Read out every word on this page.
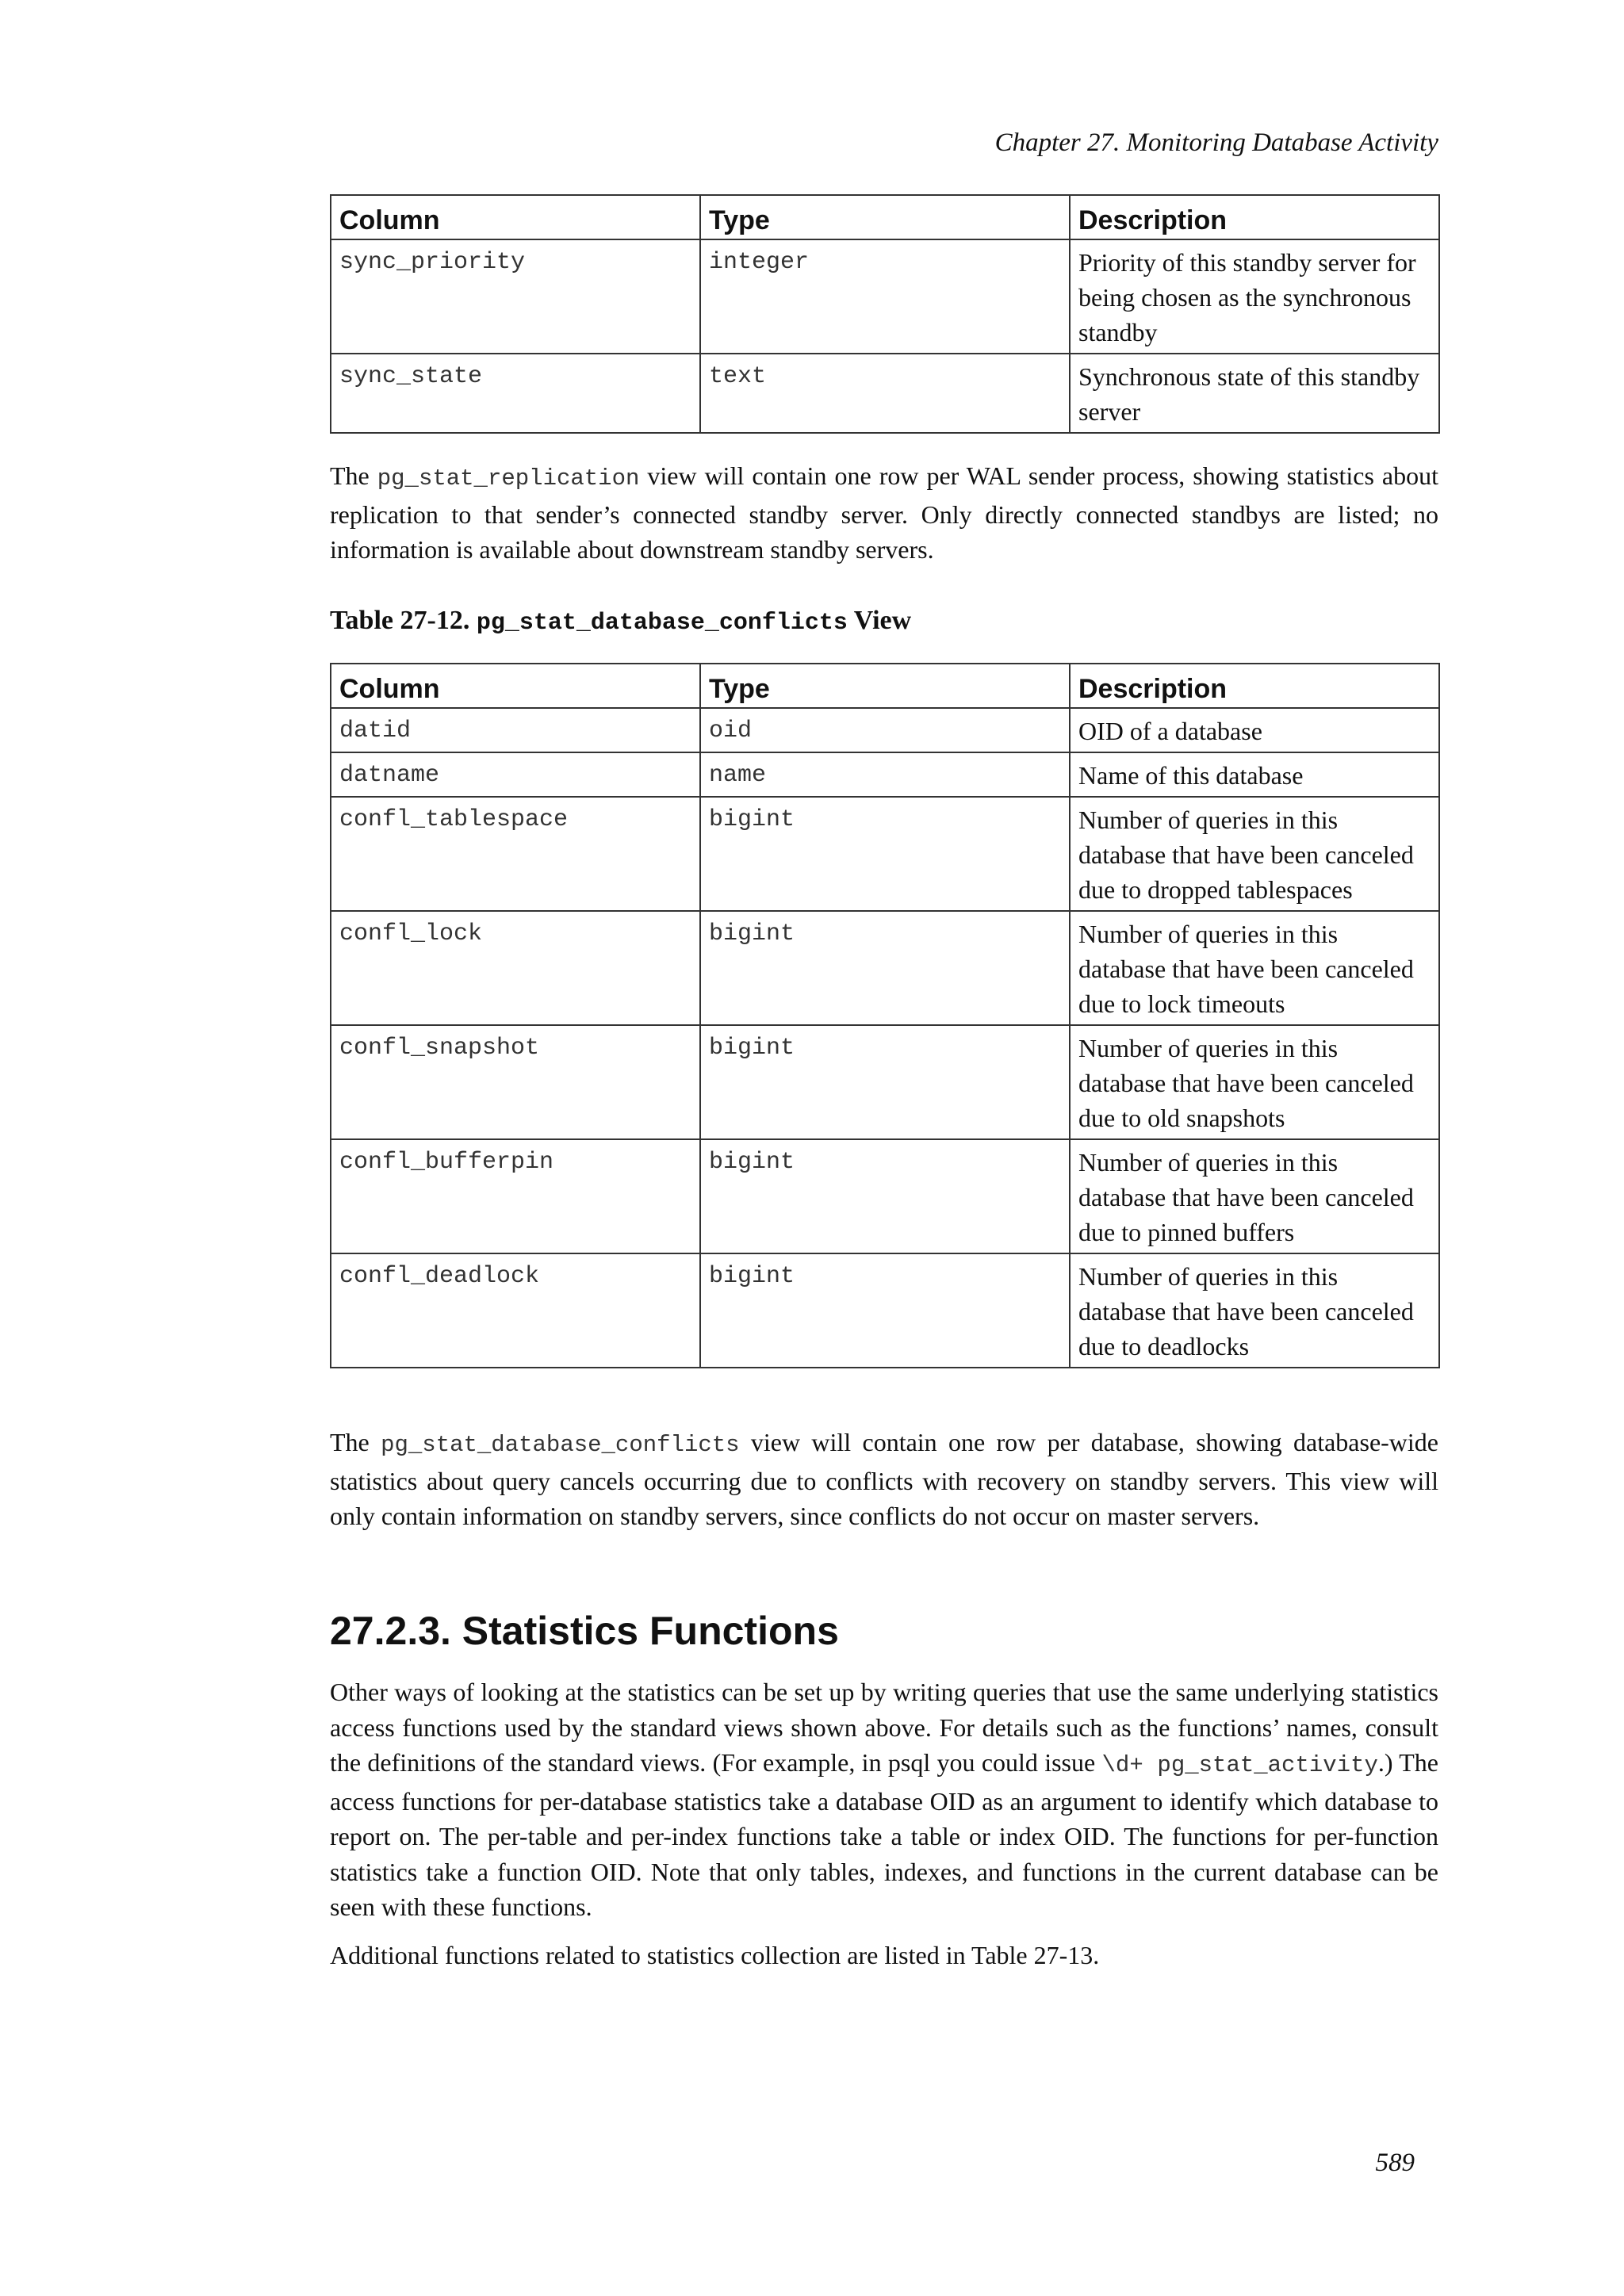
Chapter 27. Monitoring Database Activity
Column	Type	Description
sync_priority	integer	Priority of this standby server for being chosen as the synchronous standby
sync_state	text	Synchronous state of this standby server

The pg_stat_replication view will contain one row per WAL sender process, showing statistics about replication to that sender’s connected standby server. Only directly connected standbys are listed; no information is available about downstream standby servers.

Table 27-12. pg_stat_database_conflicts View
Column	Type	Description
datid	oid	OID of a database
datname	name	Name of this database
confl_tablespace	bigint	Number of queries in this database that have been canceled due to dropped tablespaces
confl_lock	bigint	Number of queries in this database that have been canceled due to lock timeouts
confl_snapshot	bigint	Number of queries in this database that have been canceled due to old snapshots
confl_bufferpin	bigint	Number of queries in this database that have been canceled due to pinned buffers
confl_deadlock	bigint	Number of queries in this database that have been canceled due to deadlocks

The pg_stat_database_conflicts view will contain one row per database, showing database-wide statistics about query cancels occurring due to conflicts with recovery on standby servers. This view will only contain information on standby servers, since conflicts do not occur on master servers.

27.2.3. Statistics Functions

Other ways of looking at the statistics can be set up by writing queries that use the same underlying statistics access functions used by the standard views shown above. For details such as the functions’ names, consult the definitions of the standard views. (For example, in psql you could issue \d+ pg_stat_activity.) The access functions for per-database statistics take a database OID as an argument to identify which database to report on. The per-table and per-index functions take a table or index OID. The functions for per-function statistics take a function OID. Note that only tables, indexes, and functions in the current database can be seen with these functions.

Additional functions related to statistics collection are listed in Table 27-13.

589
